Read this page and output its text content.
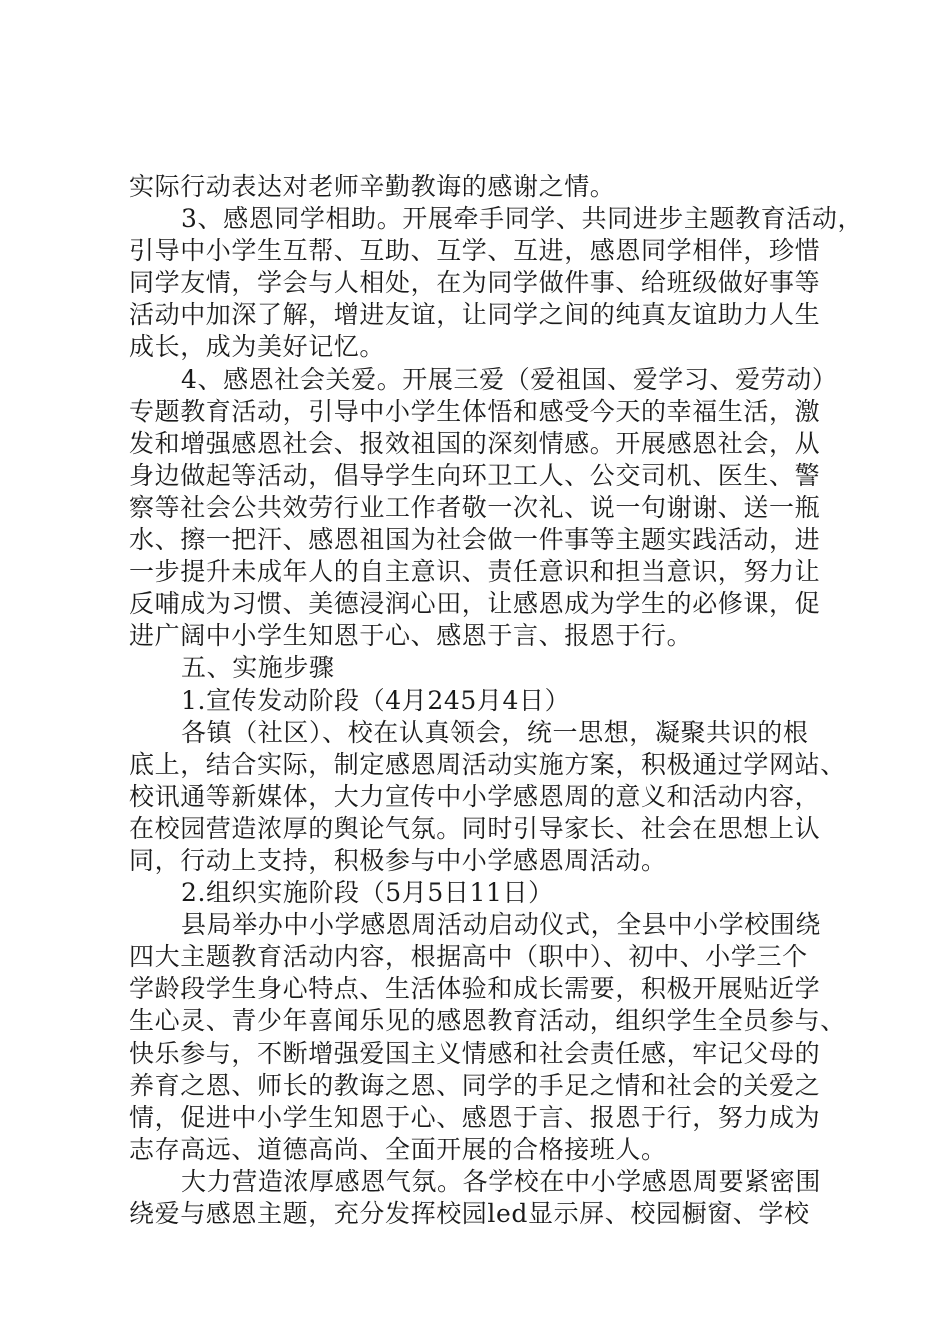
实际行动表达对老师辛勤教诲的感谢之情。
3、感恩同学相助。开展牵手同学、共同进步主题教育活动，
引导中小学生互帮、互助、互学、互进，感恩同学相伴，珍惜
同学友情，学会与人相处，在为同学做件事、给班级做好事等
活动中加深了解，增进友谊，让同学之间的纯真友谊助力人生
成长，成为美好记忆。
4、感恩社会关爱。开展三爱（爱祖国、爱学习、爱劳动）
专题教育活动，引导中小学生体悟和感受今天的幸福生活，激
发和增强感恩社会、报效祖国的深刻情感。开展感恩社会，从
身边做起等活动，倡导学生向环卫工人、公交司机、医生、警
察等社会公共效劳行业工作者敬一次礼、说一句谢谢、送一瓶
水、擦一把汗、感恩祖国为社会做一件事等主题实践活动，进
一步提升未成年人的自主意识、责任意识和担当意识，努力让
反哺成为习惯、美德浸润心田，让感恩成为学生的必修课，促
进广阔中小学生知恩于心、感恩于言、报恩于行。
五、实施步骤
1.宣传发动阶段（4月245月4日）
各镇（社区）、校在认真领会，统一思想，凝聚共识的根
底上，结合实际，制定感恩周活动实施方案，积极通过学网站、
校讯通等新媒体，大力宣传中小学感恩周的意义和活动内容，
在校园营造浓厚的舆论气氛。同时引导家长、社会在思想上认
同，行动上支持，积极参与中小学感恩周活动。
2.组织实施阶段（5月5日11日）
县局举办中小学感恩周活动启动仪式，全县中小学校围绕
四大主题教育活动内容，根据高中（职中）、初中、小学三个
学龄段学生身心特点、生活体验和成长需要，积极开展贴近学
生心灵、青少年喜闻乐见的感恩教育活动，组织学生全员参与、
快乐参与，不断增强爱国主义情感和社会责任感，牢记父母的
养育之恩、师长的教诲之恩、同学的手足之情和社会的关爱之
情，促进中小学生知恩于心、感恩于言、报恩于行，努力成为
志存高远、道德高尚、全面开展的合格接班人。
大力营造浓厚感恩气氛。各学校在中小学感恩周要紧密围
绕爱与感恩主题，充分发挥校园led显示屏、校园橱窗、学校
